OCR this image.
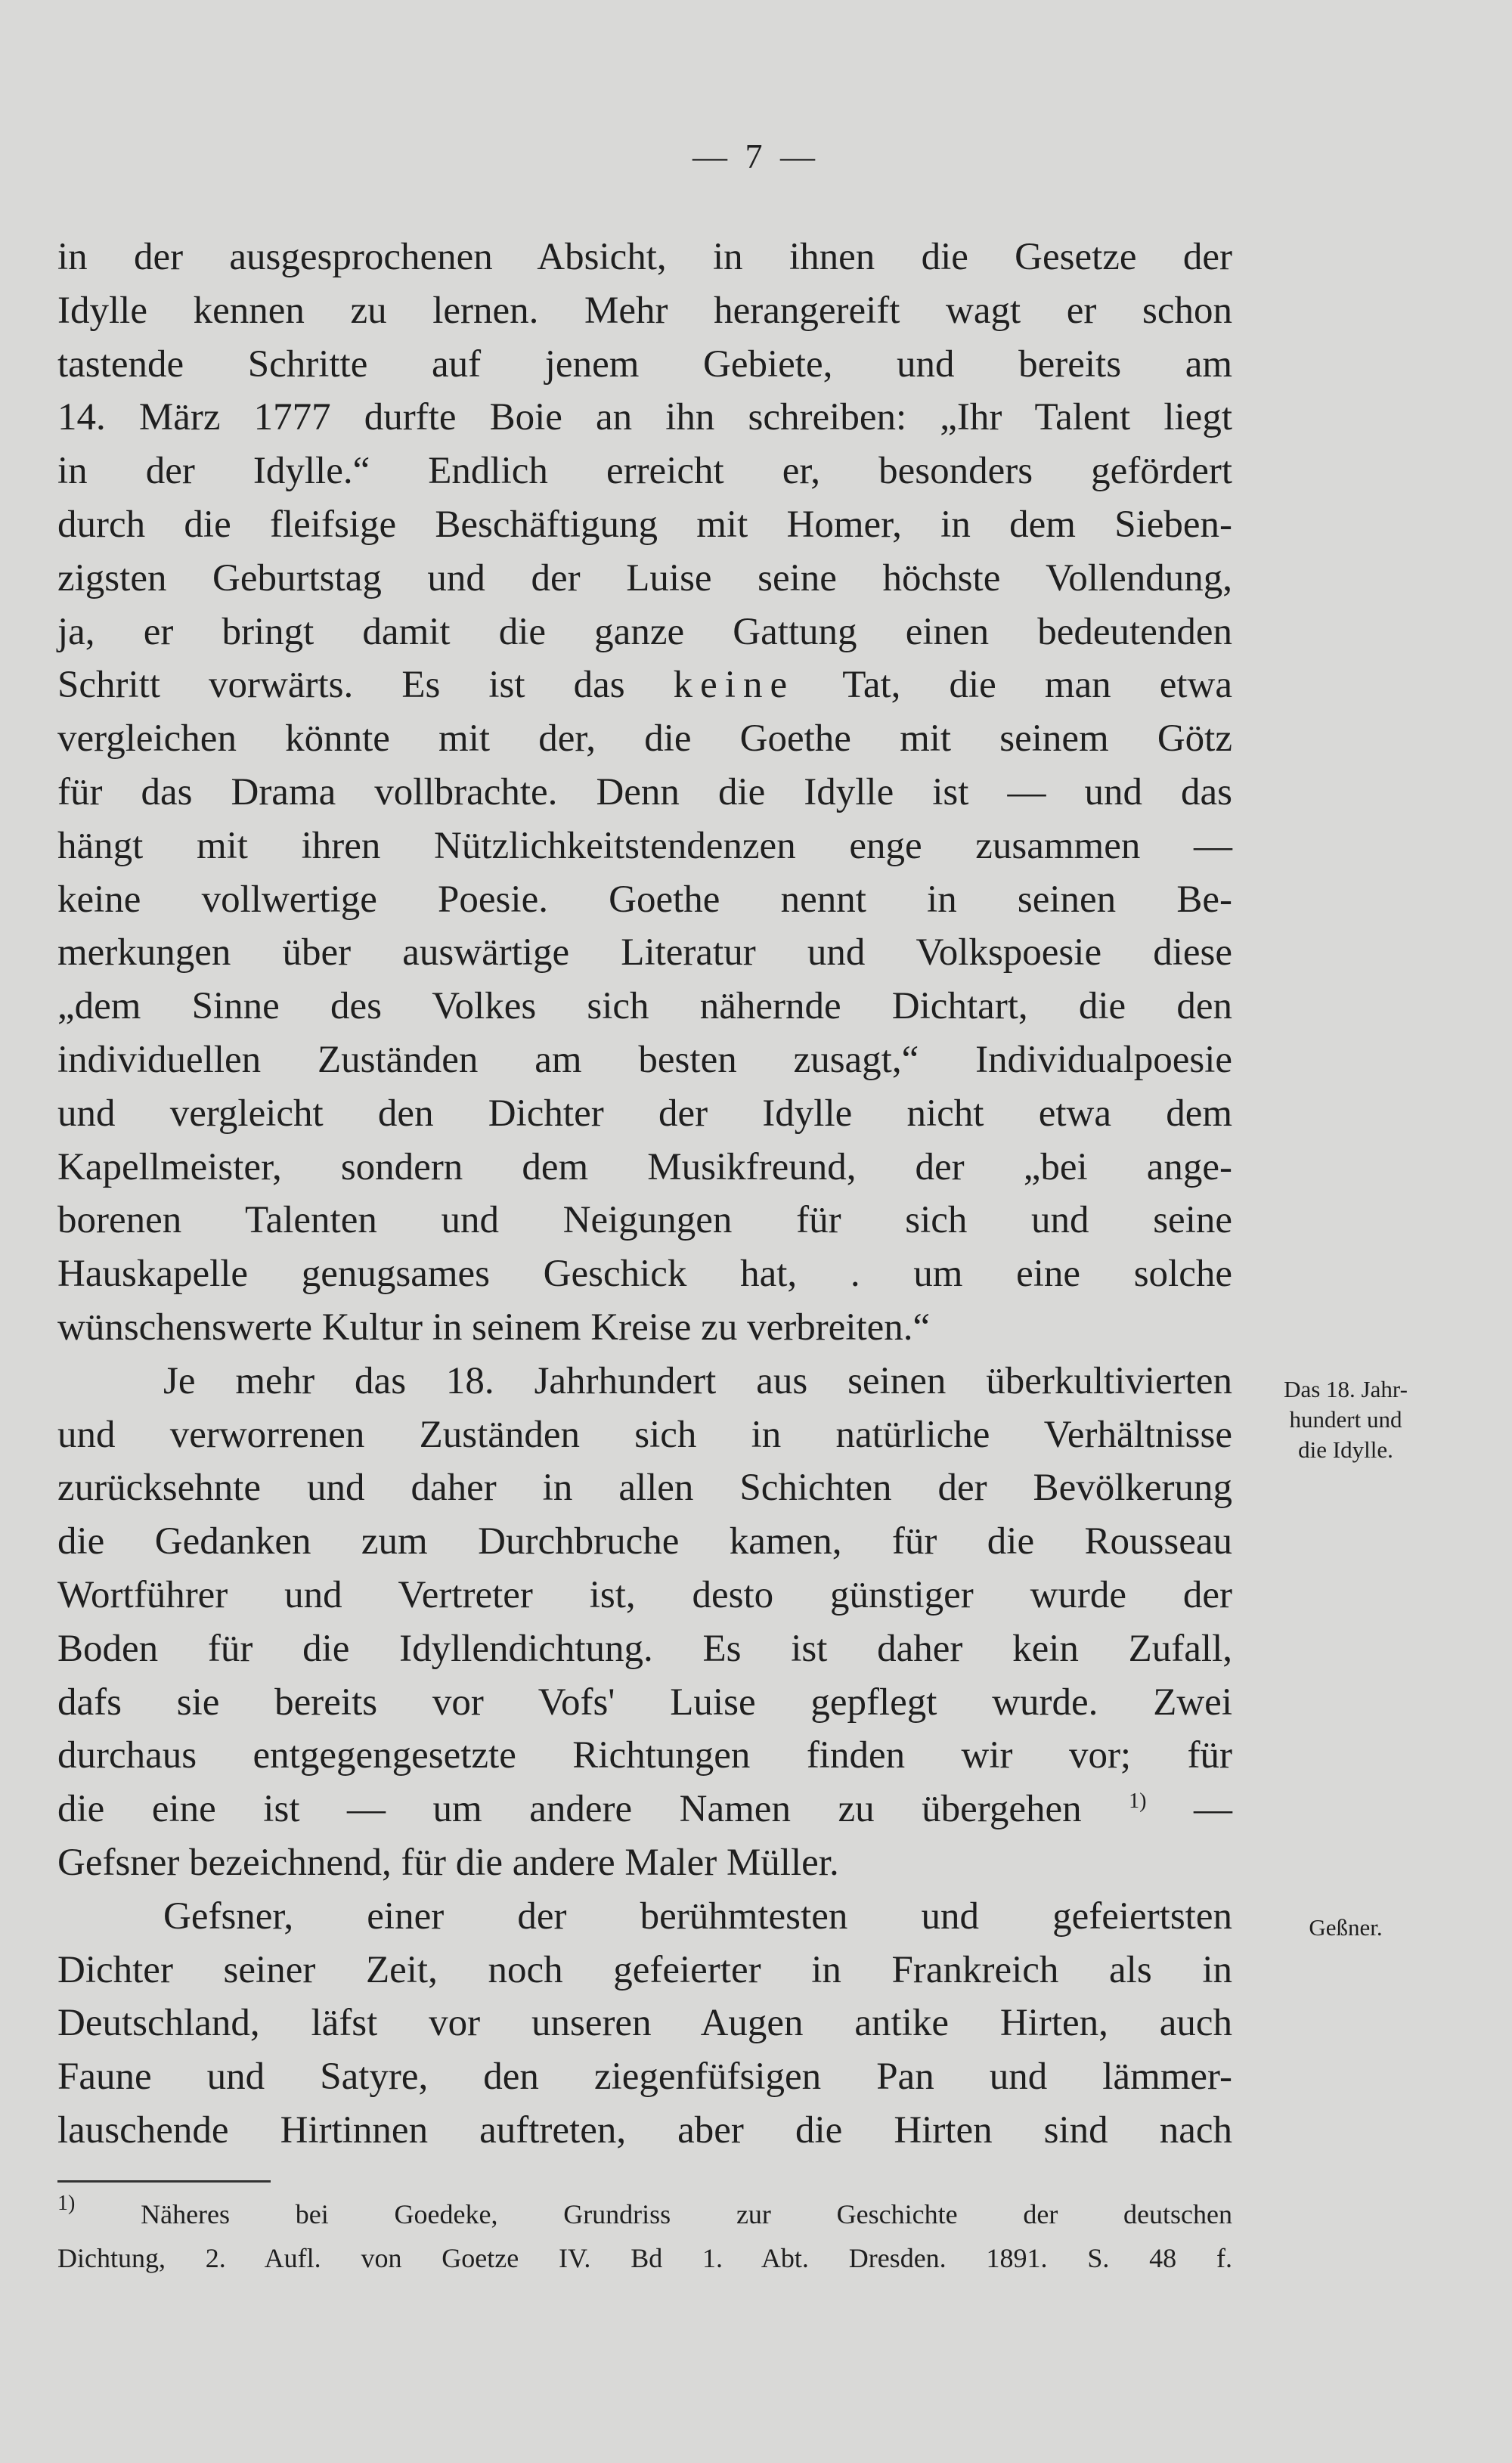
— 7 —
in der ausgesprochenen Absicht, in ihnen die Gesetze der
Idylle kennen zu lernen. Mehr herangereift wagt er schon
tastende Schritte auf jenem Gebiete, und bereits am
14. März 1777 durfte Boie an ihn schreiben: „Ihr Talent liegt
in der Idylle.“ Endlich erreicht er, besonders gefördert
durch die fleifsige Beschäftigung mit Homer, in dem Sieben-
zigsten Geburtstag und der Luise seine höchste Vollendung,
ja, er bringt damit die ganze Gattung einen bedeutenden
Schritt vorwärts. Es ist das keine Tat, die man etwa
vergleichen könnte mit der, die Goethe mit seinem Götz
für das Drama vollbrachte. Denn die Idylle ist — und das
hängt mit ihren Nützlichkeitstendenzen enge zusammen —
keine vollwertige Poesie. Goethe nennt in seinen Be-
merkungen über auswärtige Literatur und Volkspoesie diese
„dem Sinne des Volkes sich nähernde Dichtart, die den
individuellen Zuständen am besten zusagt,“ Individualpoesie
und vergleicht den Dichter der Idylle nicht etwa dem
Kapellmeister, sondern dem Musikfreund, der „bei ange-
borenen Talenten und Neigungen für sich und seine
Hauskapelle genugsames Geschick hat, . um eine solche
wünschenswerte Kultur in seinem Kreise zu verbreiten.“
Je mehr das 18. Jahrhundert aus seinen überkultivierten
und verworrenen Zuständen sich in natürliche Verhältnisse
zurücksehnte und daher in allen Schichten der Bevölkerung
die Gedanken zum Durchbruche kamen, für die Rousseau
Wortführer und Vertreter ist, desto günstiger wurde der
Boden für die Idyllendichtung. Es ist daher kein Zufall,
dafs sie bereits vor Vofs' Luise gepflegt wurde. Zwei
durchaus entgegengesetzte Richtungen finden wir vor; für
die eine ist — um andere Namen zu übergehen $^{1)}$ —
Gefsner bezeichnend, für die andere Maler Müller.
Gefsner, einer der berühmtesten und gefeiertsten
Dichter seiner Zeit, noch gefeierter in Frankreich als in
Deutschland, läfst vor unseren Augen antike Hirten, auch
Faune und Satyre, den ziegenfüfsigen Pan und lämmer-
lauschende Hirtinnen auftreten, aber die Hirten sind nach
Das 18. Jahr-
hundert und
die Idylle.
Geßner.
$^{1)}$ Näheres bei Goedeke, Grundriss zur Geschichte der deutschen
Dichtung, 2. Aufl. von Goetze IV. Bd 1. Abt. Dresden. 1891. S. 48 f.
